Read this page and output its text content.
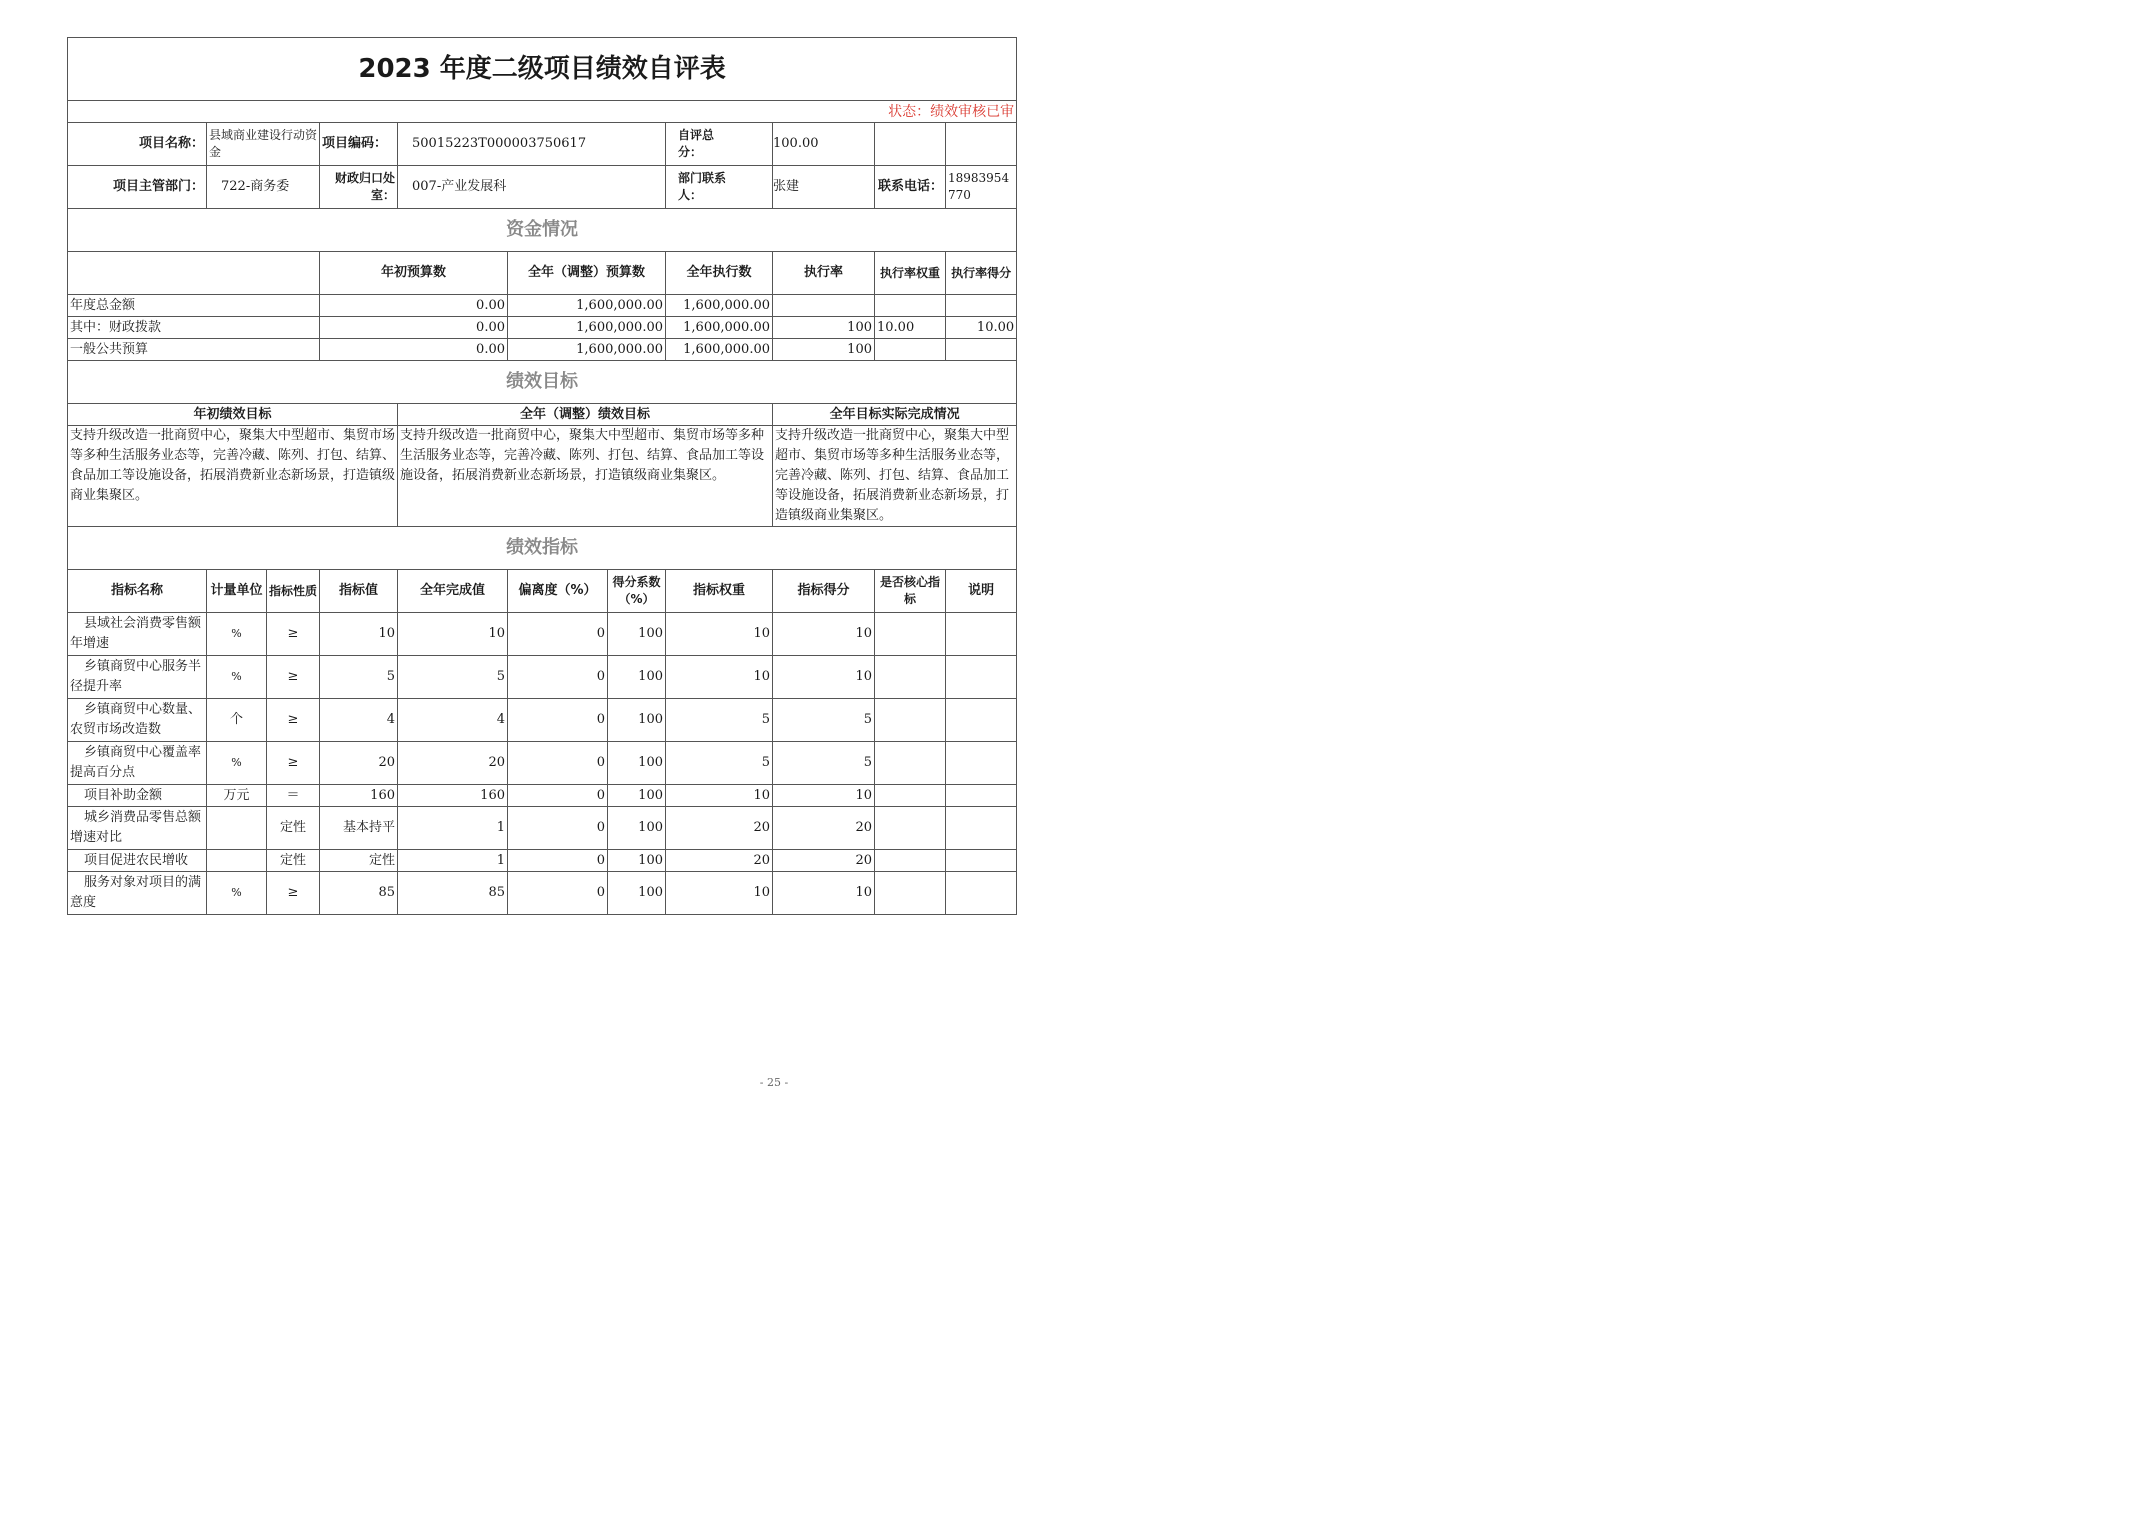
2023 年度二级项目绩效自评表										
状态：绩效审核已审										
项目名称：	县域商业建设行动资金		项目编码：	50015223T000003750617			自评总分：	100.00		
项目主管部门：	722-商务委		财政归口处室：	007-产业发展科			部门联系人：	张建	联系电话：	18983954770
资金情况										
			年初预算数		全年（调整）预算数		全年执行数	执行率	执行率权重	执行率得分
年度总金额			0.00		1,600,000.00		1,600,000.00			
其中：财政拨款			0.00		1,600,000.00		1,600,000.00	100	10.00	10.00
一般公共预算			0.00		1,600,000.00		1,600,000.00	100		
绩效目标										
年初绩效目标				全年（调整）绩效目标				全年目标实际完成情况		
支持升级改造一批商贸中心，聚集大中型超市、集贸市场等多种生活服务业态等，完善冷藏、陈列、打包、结算、食品加工等设施设备，拓展消费新业态新场景，打造镇级商业集聚区。				支持升级改造一批商贸中心，聚集大中型超市、集贸市场等多种生活服务业态等，完善冷藏、陈列、打包、结算、食品加工等设施设备，拓展消费新业态新场景，打造镇级商业集聚区。				支持升级改造一批商贸中心，聚集大中型超市、集贸市场等多种生活服务业态等，完善冷藏、陈列、打包、结算、食品加工等设施设备，拓展消费新业态新场景，打造镇级商业集聚区。		
绩效指标										
指标名称	计量单位	指标性质	指标值	全年完成值	偏离度（%）	得分系数（%）	指标权重	指标得分	是否核心指标	说明
县域社会消费零售额年增速	%	≥	10	10	0	100	10	10		
乡镇商贸中心服务半径提升率	%	≥	5	5	0	100	10	10		
乡镇商贸中心数量、农贸市场改造数	个	≥	4	4	0	100	5	5		
乡镇商贸中心覆盖率提高百分点	%	≥	20	20	0	100	5	5		
项目补助金额	万元	＝	160	160	0	100	10	10		
城乡消费品零售总额增速对比		定性	基本持平	1	0	100	20	20		
项目促进农民增收		定性	定性	1	0	100	20	20		
服务对象对项目的满意度	%	≥	85	85	0	100	10	10		
- 25 -
